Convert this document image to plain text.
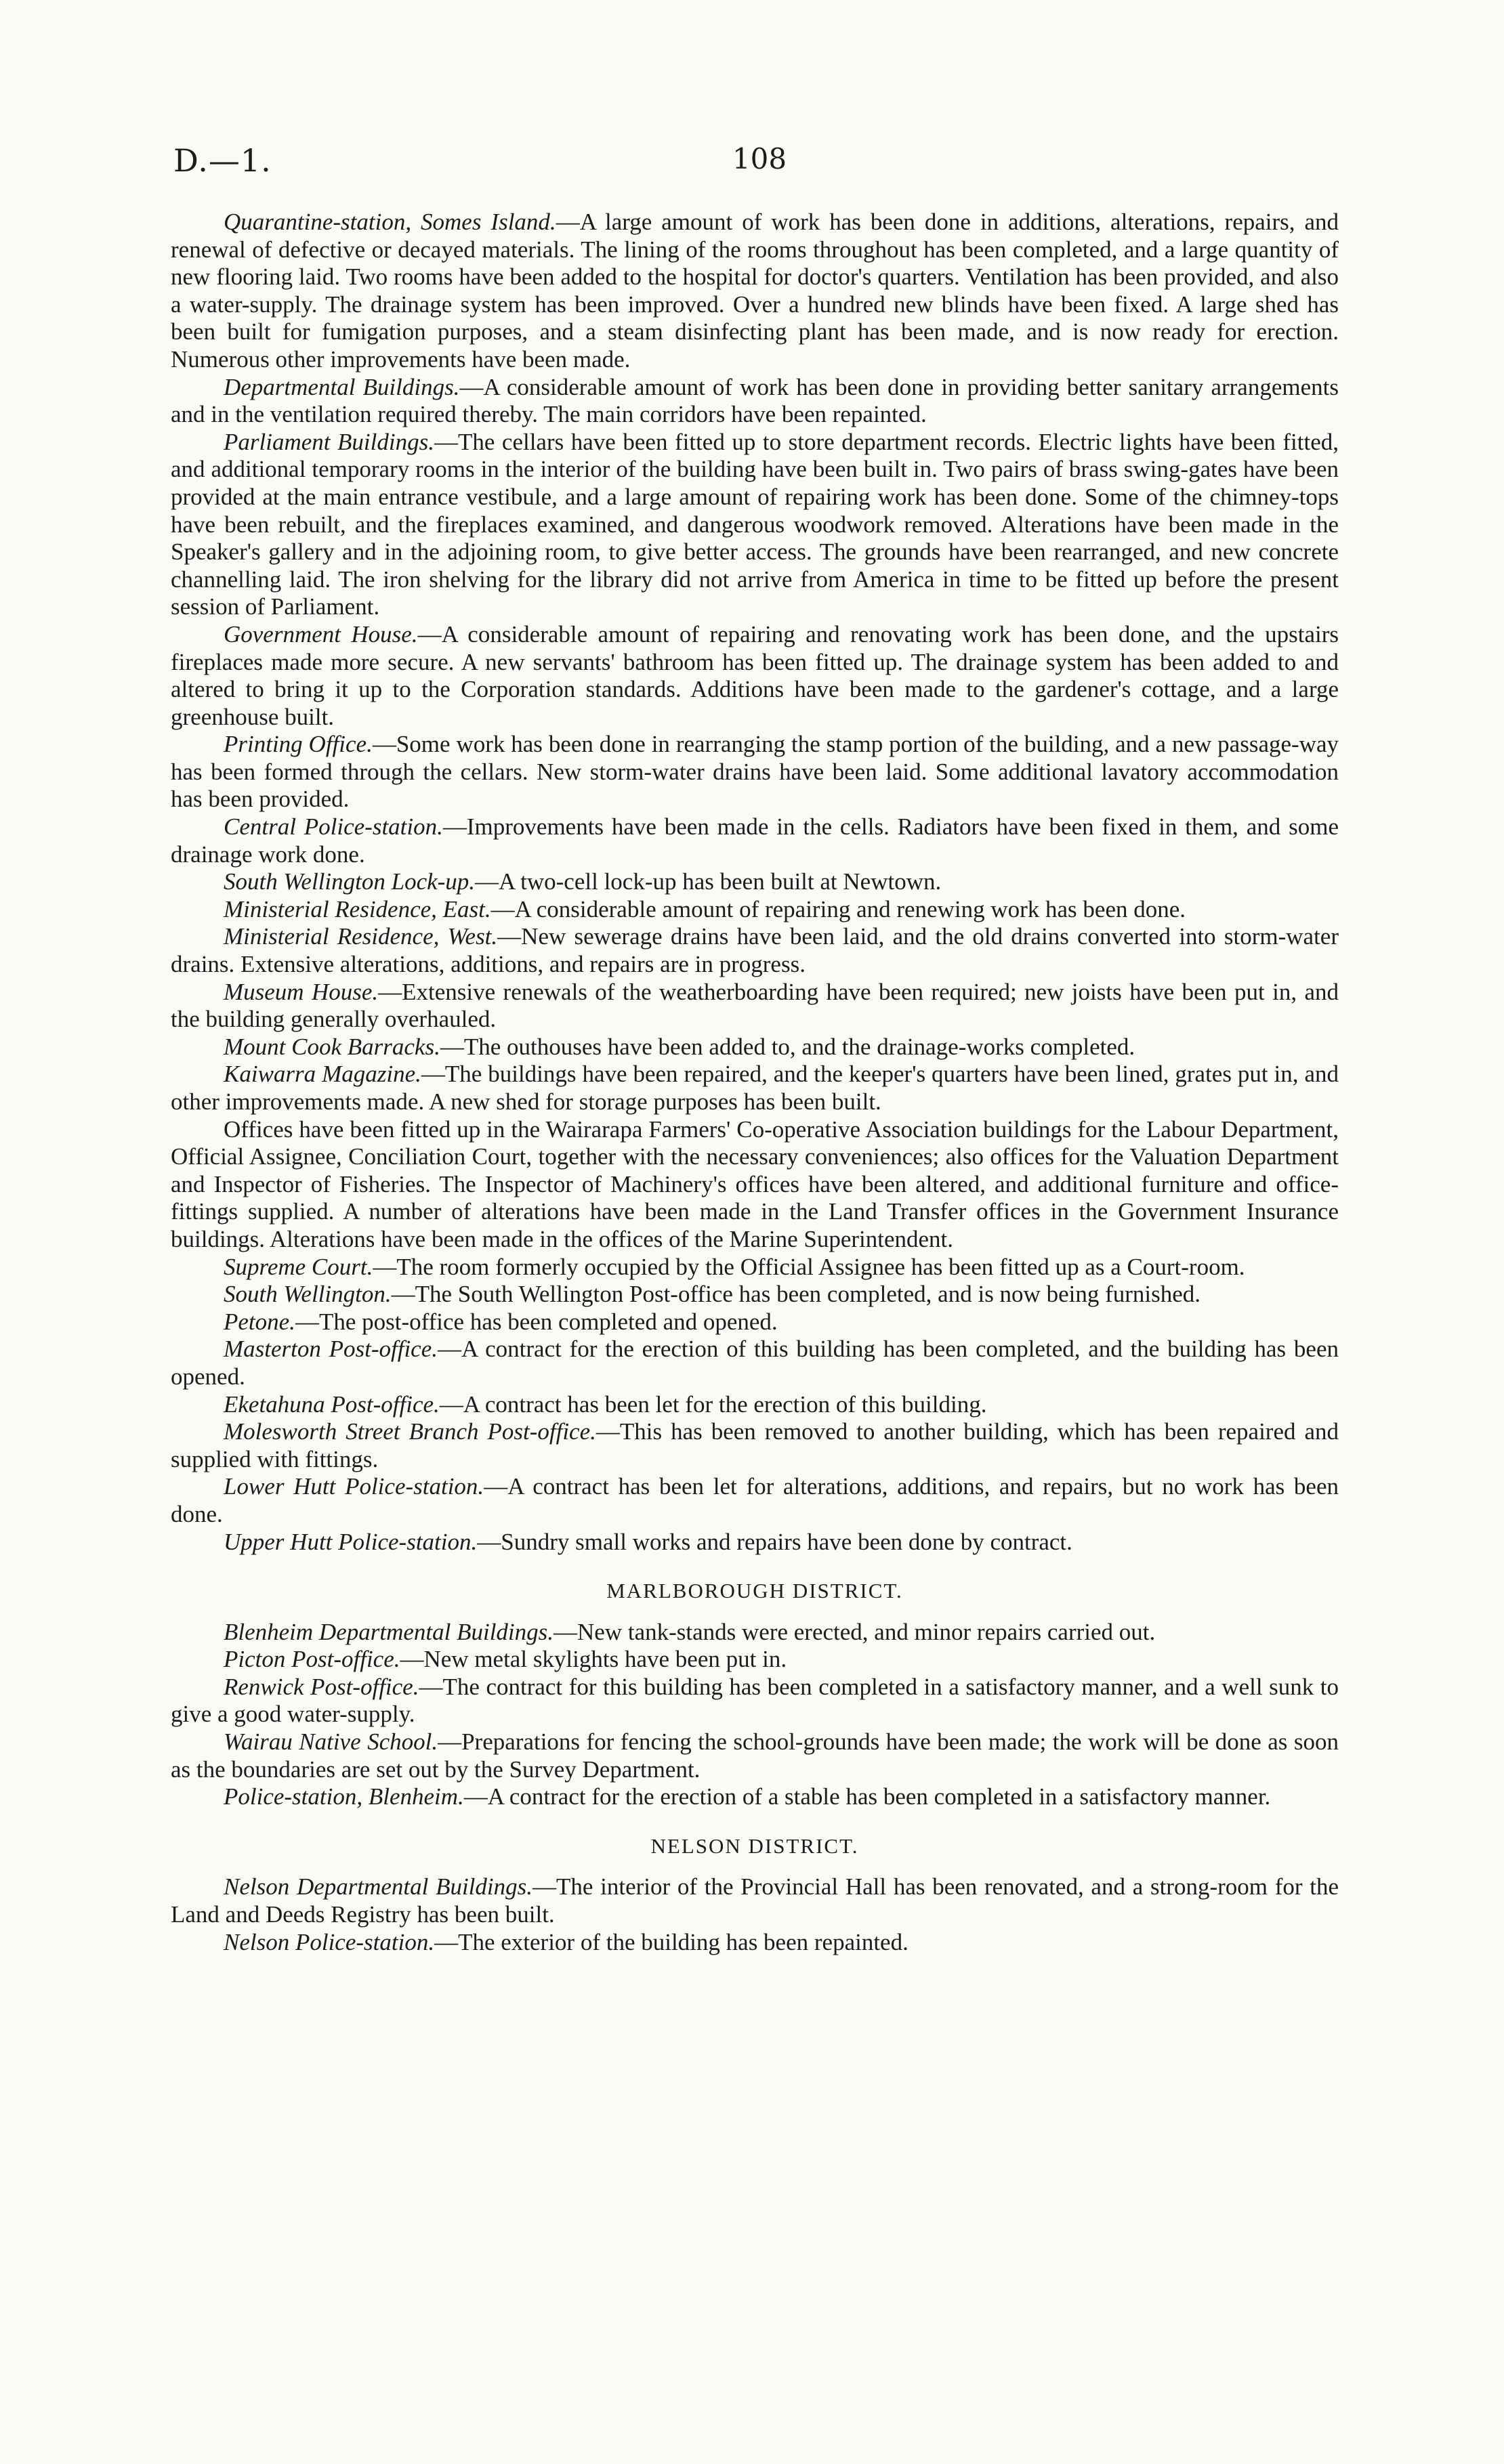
D.—1.	108

Quarantine-station, Somes Island.—A large amount of work has been done in additions, alterations, repairs, and renewal of defective or decayed materials. The lining of the rooms throughout has been completed, and a large quantity of new flooring laid. Two rooms have been added to the hospital for doctor's quarters. Ventilation has been provided, and also a water-supply. The drainage system has been improved. Over a hundred new blinds have been fixed. A large shed has been built for fumigation purposes, and a steam disinfecting plant has been made, and is now ready for erection. Numerous other improvements have been made.

Departmental Buildings.—A considerable amount of work has been done in providing better sanitary arrangements and in the ventilation required thereby. The main corridors have been repainted.

Parliament Buildings.—The cellars have been fitted up to store department records. Electric lights have been fitted, and additional temporary rooms in the interior of the building have been built in. Two pairs of brass swing-gates have been provided at the main entrance vestibule, and a large amount of repairing work has been done. Some of the chimney-tops have been rebuilt, and the fireplaces examined, and dangerous woodwork removed. Alterations have been made in the Speaker's gallery and in the adjoining room, to give better access. The grounds have been rearranged, and new concrete channelling laid. The iron shelving for the library did not arrive from America in time to be fitted up before the present session of Parliament.

Government House.—A considerable amount of repairing and renovating work has been done, and the upstairs fireplaces made more secure. A new servants' bathroom has been fitted up. The drainage system has been added to and altered to bring it up to the Corporation standards. Additions have been made to the gardener's cottage, and a large greenhouse built.

Printing Office.—Some work has been done in rearranging the stamp portion of the building, and a new passage-way has been formed through the cellars. New storm-water drains have been laid. Some additional lavatory accommodation has been provided.

Central Police-station.—Improvements have been made in the cells. Radiators have been fixed in them, and some drainage work done.

South Wellington Lock-up.—A two-cell lock-up has been built at Newtown.

Ministerial Residence, East.—A considerable amount of repairing and renewing work has been done.

Ministerial Residence, West.—New sewerage drains have been laid, and the old drains converted into storm-water drains. Extensive alterations, additions, and repairs are in progress.

Museum House.—Extensive renewals of the weatherboarding have been required; new joists have been put in, and the building generally overhauled.

Mount Cook Barracks.—The outhouses have been added to, and the drainage-works completed.

Kaiwarra Magazine.—The buildings have been repaired, and the keeper's quarters have been lined, grates put in, and other improvements made. A new shed for storage purposes has been built.

Offices have been fitted up in the Wairarapa Farmers' Co-operative Association buildings for the Labour Department, Official Assignee, Conciliation Court, together with the necessary conveniences; also offices for the Valuation Department and Inspector of Fisheries. The Inspector of Machinery's offices have been altered, and additional furniture and office-fittings supplied. A number of alterations have been made in the Land Transfer offices in the Government Insurance buildings. Alterations have been made in the offices of the Marine Superintendent.

Supreme Court.—The room formerly occupied by the Official Assignee has been fitted up as a Court-room.

South Wellington.—The South Wellington Post-office has been completed, and is now being furnished.

Petone.—The post-office has been completed and opened.

Masterton Post-office.—A contract for the erection of this building has been completed, and the building has been opened.

Eketahuna Post-office.—A contract has been let for the erection of this building.

Molesworth Street Branch Post-office.—This has been removed to another building, which has been repaired and supplied with fittings.

Lower Hutt Police-station.—A contract has been let for alterations, additions, and repairs, but no work has been done.

Upper Hutt Police-station.—Sundry small works and repairs have been done by contract.

MARLBOROUGH DISTRICT.

Blenheim Departmental Buildings.—New tank-stands were erected, and minor repairs carried out.

Picton Post-office.—New metal skylights have been put in.

Renwick Post-office.—The contract for this building has been completed in a satisfactory manner, and a well sunk to give a good water-supply.

Wairau Native School.—Preparations for fencing the school-grounds have been made; the work will be done as soon as the boundaries are set out by the Survey Department.

Police-station, Blenheim.—A contract for the erection of a stable has been completed in a satisfactory manner.

NELSON DISTRICT.

Nelson Departmental Buildings.—The interior of the Provincial Hall has been renovated, and a strong-room for the Land and Deeds Registry has been built.

Nelson Police-station.—The exterior of the building has been repainted.
